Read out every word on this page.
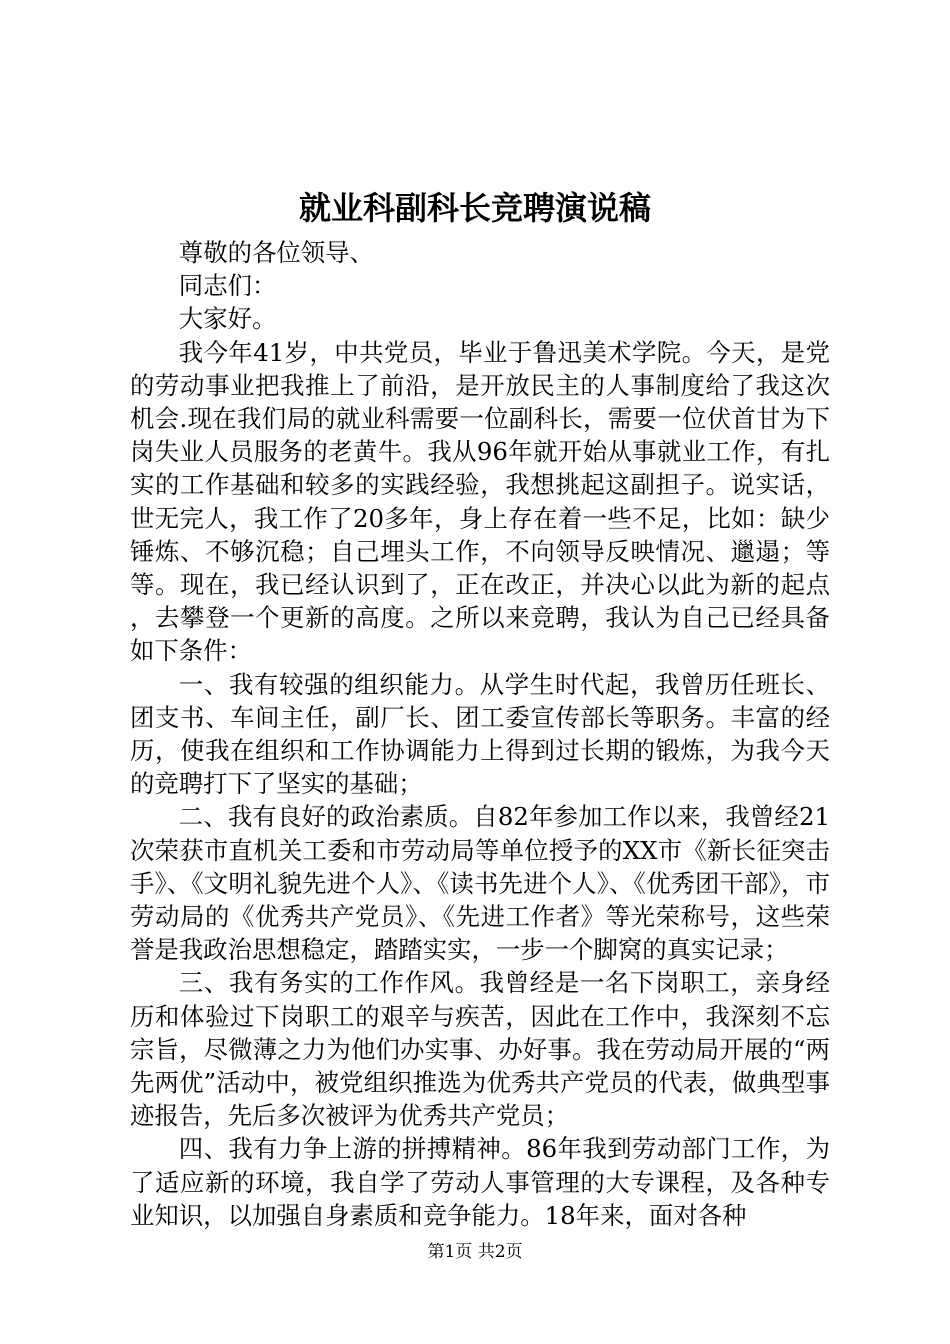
就业科副科长竞聘演说稿

尊敬的各位领导、

同志们：

大家好。

我今年41岁，中共党员，毕业于鲁迅美术学院。今天，是党的劳动事业把我推上了前沿，是开放民主的人事制度给了我这次机会.现在我们局的就业科需要一位副科长，需要一位伏首甘为下岗失业人员服务的老黄牛。我从96年就开始从事就业工作，有扎实的工作基础和较多的实践经验，我想挑起这副担子。说实话，世无完人，我工作了20多年，身上存在着一些不足，比如：缺少锤炼、不够沉稳；自己埋头工作，不向领导反映情况、邋遢；等等。现在，我已经认识到了，正在改正，并决心以此为新的起点，去攀登一个更新的高度。之所以来竞聘，我认为自己已经具备如下条件：

一、我有较强的组织能力。从学生时代起，我曾历任班长、团支书、车间主任，副厂长、团工委宣传部长等职务。丰富的经历，使我在组织和工作协调能力上得到过长期的锻炼，为我今天的竞聘打下了坚实的基础；

二、我有良好的政治素质。自82年参加工作以来，我曾经21次荣获市直机关工委和市劳动局等单位授予的XX市《新长征突击手》、《文明礼貌先进个人》、《读书先进个人》、《优秀团干部》，市劳动局的《优秀共产党员》、《先进工作者》等光荣称号，这些荣誉是我政治思想稳定，踏踏实实，一步一个脚窝的真实记录；

三、我有务实的工作作风。我曾经是一名下岗职工，亲身经历和体验过下岗职工的艰辛与疾苦，因此在工作中，我深刻不忘宗旨，尽微薄之力为他们办实事、办好事。我在劳动局开展的“两先两优”活动中，被党组织推选为优秀共产党员的代表，做典型事迹报告，先后多次被评为优秀共产党员；

四、我有力争上游的拼搏精神。86年我到劳动部门工作，为了适应新的环境，我自学了劳动人事管理的大专课程，及各种专业知识，以加强自身素质和竞争能力。18年来，面对各种

第1页 共2页
